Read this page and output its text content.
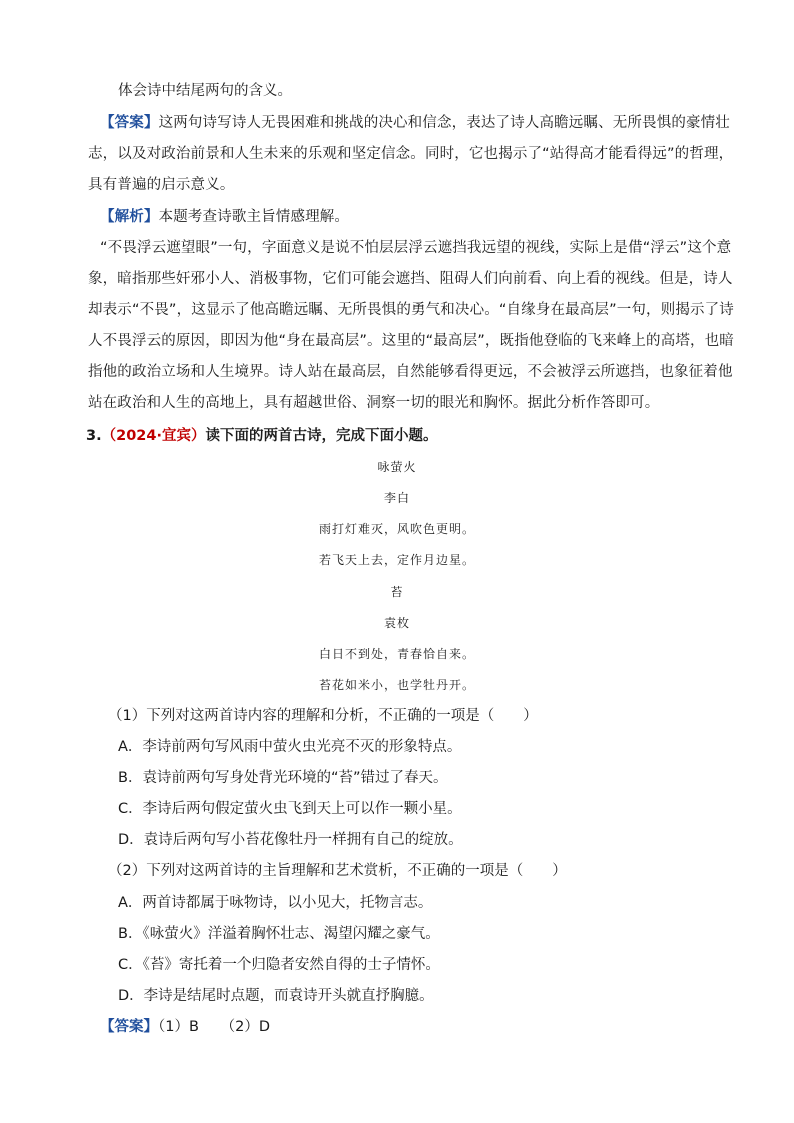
体会诗中结尾两句的含义。
【答案】这两句诗写诗人无畏困难和挑战的决心和信念，表达了诗人高瞻远瞩、无所畏惧的豪情壮
志，以及对政治前景和人生未来的乐观和坚定信念。同时，它也揭示了“站得高才能看得远”的哲理，
具有普遍的启示意义。
【解析】本题考查诗歌主旨情感理解。
“不畏浮云遮望眼”一句，字面意义是说不怕层层浮云遮挡我远望的视线，实际上是借“浮云”这个意
象，暗指那些奸邪小人、消极事物，它们可能会遮挡、阻碍人们向前看、向上看的视线。但是，诗人
却表示“不畏”，这显示了他高瞻远瞩、无所畏惧的勇气和决心。“自缘身在最高层”一句，则揭示了诗
人不畏浮云的原因，即因为他“身在最高层”。这里的“最高层”，既指他登临的飞来峰上的高塔，也暗
指他的政治立场和人生境界。诗人站在最高层，自然能够看得更远，不会被浮云所遮挡，也象征着他
站在政治和人生的高地上，具有超越世俗、洞察一切的眼光和胸怀。据此分析作答即可。
3.（2024·宜宾）读下面的两首古诗，完成下面小题。
咏萤火
李白
雨打灯难灭，风吹色更明。
若飞天上去，定作月边星。
苔
袁枚
白日不到处，青春恰自来。
苔花如米小，也学牡丹开。
（1）下列对这两首诗内容的理解和分析，不正确的一项是（　　）
A．李诗前两句写风雨中萤火虫光亮不灭的形象特点。
B．袁诗前两句写身处背光环境的“苔”错过了春天。
C．李诗后两句假定萤火虫飞到天上可以作一颗小星。
D．袁诗后两句写小苔花像牡丹一样拥有自己的绽放。
（2）下列对这两首诗的主旨理解和艺术赏析，不正确的一项是（　　）
A．两首诗都属于咏物诗，以小见大，托物言志。
B．《咏萤火》洋溢着胸怀壮志、渴望闪耀之豪气。
C．《苔》寄托着一个归隐者安然自得的士子情怀。
D．李诗是结尾时点题，而袁诗开头就直抒胸臆。
【答案】（1）B　　（2）D
